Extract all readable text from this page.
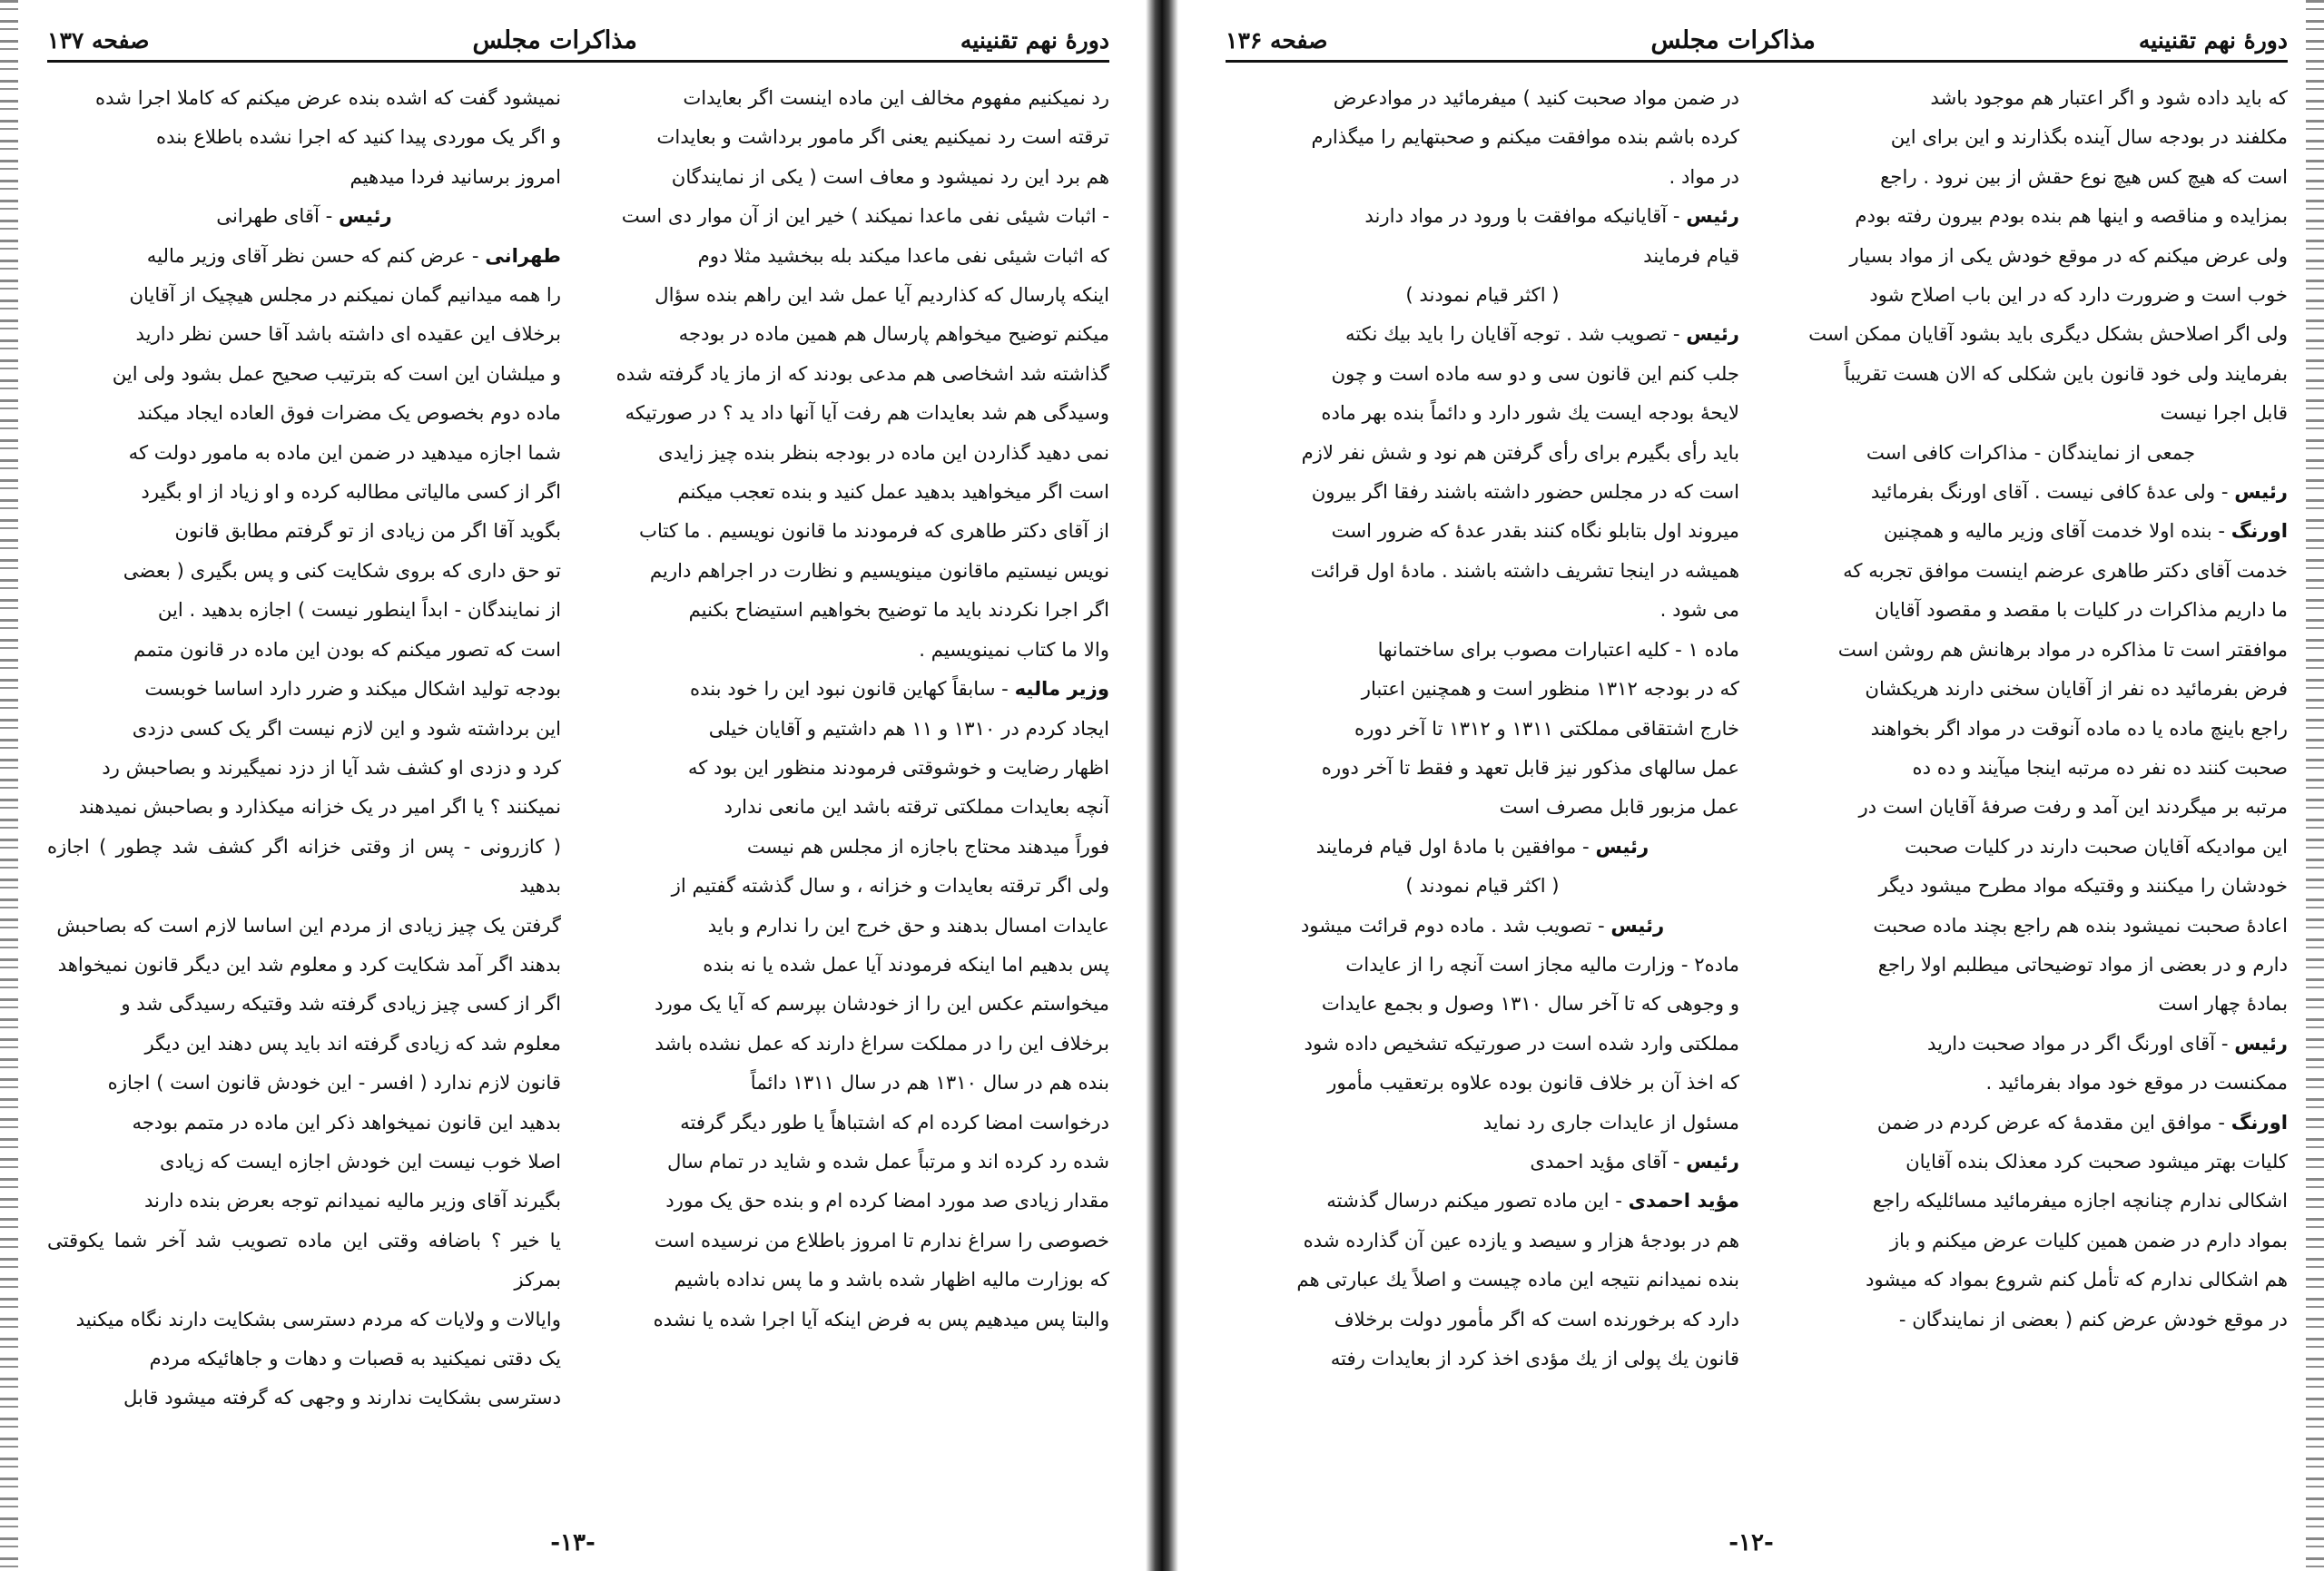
دورهٔ نهم تقنینیه
مذاکرات مجلس
صفحه ۱۳۷

رد نمیکنیم مفهوم مخالف این ماده اینست اگر بعایدات

ترقته است رد نمیکنیم یعنی اگر مامور برداشت و بعایدات

هم برد این رد نمیشود و معاف است ( یکی از نمایندگان

- اثبات شیئی نفی ماعدا نمیکند ) خیر این از آن موار دی است

که اثبات شیئی نفی ماعدا میکند بله ببخشید مثلا دوم

اینکه پارسال که کذاردیم آیا عمل شد این راهم بنده سؤال

میکنم توضیح میخواهم پارسال هم همین ماده در بودجه

گذاشته شد اشخاصی هم مدعی بودند که از ماز یاد گرفته شده

وسیدگی هم شد بعایدات هم رفت آیا آنها داد ید ؟ در صورتیکه

نمی دهید گذاردن این ماده در بودجه بنظر بنده چیز زایدی

است اگر میخواهید بدهید عمل کنید و بنده تعجب میکنم

از آقای دکتر طاهری که فرمودند ما قانون نویسیم . ما کتاب

نویس نیستیم ماقانون مینویسیم و نظارت در اجراهم داریم

اگر اجرا نکردند باید ما توضیح بخواهیم استیضاح بکنیم

والا ما کتاب نمینویسیم .

وزیر مالیه - سابقاً کهاین قانون نبود این را خود بنده

ایجاد کردم در ۱۳۱۰ و ۱۱ هم داشتیم و آقایان خیلی

اظهار رضایت و خوشوقتی فرمودند منظور این بود که

آنچه بعایدات مملکتی ترقته باشد این مانعی ندارد

فوراً میدهند محتاج باجازه از مجلس هم نیست

ولی اگر ترقته بعایدات و خزانه ، و سال گذشته گفتیم از

عایدات امسال بدهند و حق خرج این را ندارم و باید

پس بدهیم اما اینکه فرمودند آیا عمل شده یا نه بنده

میخواستم عکس این را از خودشان بپرسم که آیا یک مورد

برخلاف این را در مملکت سراغ دارند که عمل نشده باشد

بنده هم در سال ۱۳۱۰ هم در سال ۱۳۱۱ دائماً

درخواست امضا کرده ام که اشتباهاً یا طور دیگر گرفته

شده رد کرده اند و مرتباً عمل شده و شاید در تمام سال

مقدار زیادی صد مورد امضا کرده ام و بنده حق یک مورد

خصوصی را سراغ ندارم تا امروز باطلاع من نرسیده است

که بوزارت مالیه اظهار شده باشد و ما پس نداده باشیم

والبتا پس میدهیم پس به فرض اینکه آیا اجرا شده یا نشده

نمیشود گفت که اشده بنده عرض میکنم که کاملا اجرا شده

و اگر یک موردی پیدا کنید که اجرا نشده باطلاع بنده

امروز برسانید فردا میدهیم

رئیس - آقای طهرانی

طهرانی - عرض کنم که حسن نظر آقای وزیر مالیه

را همه میدانیم گمان نمیکنم در مجلس هیچیک از آقایان

برخلاف این عقیده ای داشته باشد آقا حسن نظر دارید

و میلشان این است که بترتیب صحیح عمل بشود ولی این

ماده دوم بخصوص یک مضرات فوق العاده ایجاد میکند

شما اجازه میدهید در ضمن این ماده به مامور دولت که

اگر از کسی مالیاتی مطالبه کرده و او زیاد از او بگیرد

بگوید آقا اگر من زیادی از تو گرفتم مطابق قانون

تو حق داری که بروی شکایت کنی و پس بگیری ( بعضی

از نمایندگان - ابداً اینطور نیست ) اجازه بدهید . این

است که تصور میکنم که بودن این ماده در قانون متمم

بودجه تولید اشکال میکند و ضرر دارد اساسا خوبست

این برداشته شود و این لازم نیست اگر یک کسی دزدی

کرد و دزدی او کشف شد آیا از دزد نمیگیرند و بصاحبش رد

نمیکنند ؟ یا اگر امیر در یک خزانه میکذارد و بصاحبش نمیدهند

( کازرونی - پس از وقتی خزانه اگر کشف شد چطور ) اجازه بدهید

گرفتن یک چیز زیادی از مردم این اساسا لازم است که بصاحبش

بدهند اگر آمد شکایت کرد و معلوم شد این دیگر قانون نمیخواهد

اگر از کسی چیز زیادی گرفته شد وقتیکه رسیدگی شد و

معلوم شد که زیادی گرفته اند باید پس دهند این دیگر

قانون لازم ندارد ( افسر - این خودش قانون است ) اجازه

بدهید این قانون نمیخواهد ذکر این ماده در متمم بودجه

اصلا خوب نیست این خودش اجازه ایست که زیادی

بگیرند آقای وزیر مالیه نمیدانم توجه بعرض بنده دارند

یا خیر ؟ باضافه وقتی این ماده تصویب شد آخر شما یکوقتی بمرکز

وایالات و ولایات که مردم دسترسی بشکایت دارند نگاه میکنید

یک دقتی نمیکنید به قصبات و دهات و جاهائیکه مردم

دسترسی بشکایت ندارند و وجهی که گرفته میشود قابل

-۱۳-
دورهٔ نهم تقنینیه
مذاکرات مجلس
صفحه ۱۳۶

که باید داده شود و اگر اعتبار هم موجود باشد

مکلفند در بودجه سال آینده بگذارند و این برای این

است که هیچ کس هیچ نوع حقش از بین نرود . راجع

بمزایده و مناقصه و اینها هم بنده بودم بیرون رفته بودم

ولی عرض میکنم که در موقع خودش یکی از مواد بسیار

خوب است و ضرورت دارد که در این باب اصلاح شود

ولی اگر اصلاحش بشکل دیگری باید بشود آقایان ممکن است

بفرمایند ولی خود قانون باین شکلی که الان هست تقریباً

قابل اجرا نیست

جمعی از نمایندگان - مذاکرات کافی است

رئیس - ولی عدهٔ کافی نیست . آقای اورنگ بفرمائید

اورنگ - بنده اولا خدمت آقای وزیر مالیه و همچنین

خدمت آقای دکتر طاهری عرضم اینست موافق تجربه که

ما داریم مذاکرات در کلیات با مقصد و مقصود آقایان

موافقتر است تا مذاکره در مواد برهانش هم روشن است

فرض بفرمائید ده نفر از آقایان سخنی دارند هریکشان

راجع باینچ ماده یا ده ماده آنوقت در مواد اگر بخواهند

صحبت کنند ده نفر ده مرتبه اینجا میآیند و ده ده

مرتبه بر میگردند این آمد و رفت صرفهٔ آقایان است در

این موادیکه آقایان صحبت دارند در کلیات صحبت

خودشان را میکنند و وقتیکه مواد مطرح میشود دیگر

اعادهٔ صحبت نمیشود بنده هم راجع بچند ماده صحبت

دارم و در بعضی از مواد توضیحاتی میطلبم اولا راجع

بمادهٔ چهار است

رئیس - آقای اورنگ اگر در مواد صحبت دارید

ممکنست در موقع خود مواد بفرمائید .

اورنگ - موافق این مقدمهٔ که عرض کردم در ضمن

کلیات بهتر میشود صحبت کرد معذلک بنده آقایان

اشکالی ندارم چنانچه اجازه میفرمائید مسائلیکه راجع

بمواد دارم در ضمن همین کلیات عرض میکنم و باز

هم اشکالی ندارم که تأمل کنم شروع بمواد که میشود

در موقع خودش عرض کنم ( بعضی از نمایندگان -

در ضمن مواد صحبت کنید ) میفرمائید در موادعرض

کرده باشم بنده موافقت میکنم و صحبتهایم را میگذارم

در مواد .

رئیس - آقایانیکه موافقت با ورود در مواد دارند

قیام فرمایند

( اکثر قیام نمودند )

رئیس - تصویب شد . توجه آقایان را باید بیك نکته

جلب کنم این قانون سی و دو سه ماده است و چون

لایحهٔ بودجه ایست یك شور دارد و دائماً بنده بهر ماده

باید رأی بگیرم برای رأی گرفتن هم نود و شش نفر لازم

است که در مجلس حضور داشته باشند رفقا اگر بیرون

میروند اول بتابلو نگاه کنند بقدر عدهٔ که ضرور است

همیشه در اینجا تشریف داشته باشند . مادهٔ اول قرائت

می شود .

ماده ۱ - کلیه اعتبارات مصوب برای ساختمانها

که در بودجه ۱۳۱۲ منظور است و همچنین اعتبار

خارج اشتقاقی مملکتی ۱۳۱۱ و ۱۳۱۲ تا آخر دوره

عمل سالهای مذکور نیز قابل تعهد و فقط تا آخر دوره

عمل مزبور قابل مصرف است

رئیس - موافقین با مادهٔ اول قیام فرمایند

( اکثر قیام نمودند )

رئیس - تصویب شد . ماده دوم قرائت میشود

ماده۲ - وزارت مالیه مجاز است آنچه را از عایدات

و وجوهی که تا آخر سال ۱۳۱۰ وصول و بجمع عایدات

مملکتی وارد شده است در صورتیکه تشخیص داده شود

که اخذ آن بر خلاف قانون بوده علاوه برتعقیب مأمور

مسئول از عایدات جاری رد نماید

رئیس - آقای مؤید احمدی

مؤید احمدی - این ماده تصور میکنم درسال گذشته

هم در بودجهٔ هزار و سیصد و یازده عین آن گذارده شده

بنده نمیدانم نتیجه این ماده چیست و اصلاً یك عبارتی هم

دارد که برخورنده است که اگر مأمور دولت برخلاف

قانون یك پولی از یك مؤدی اخذ کرد از بعایدات رفته

-۱۲-
